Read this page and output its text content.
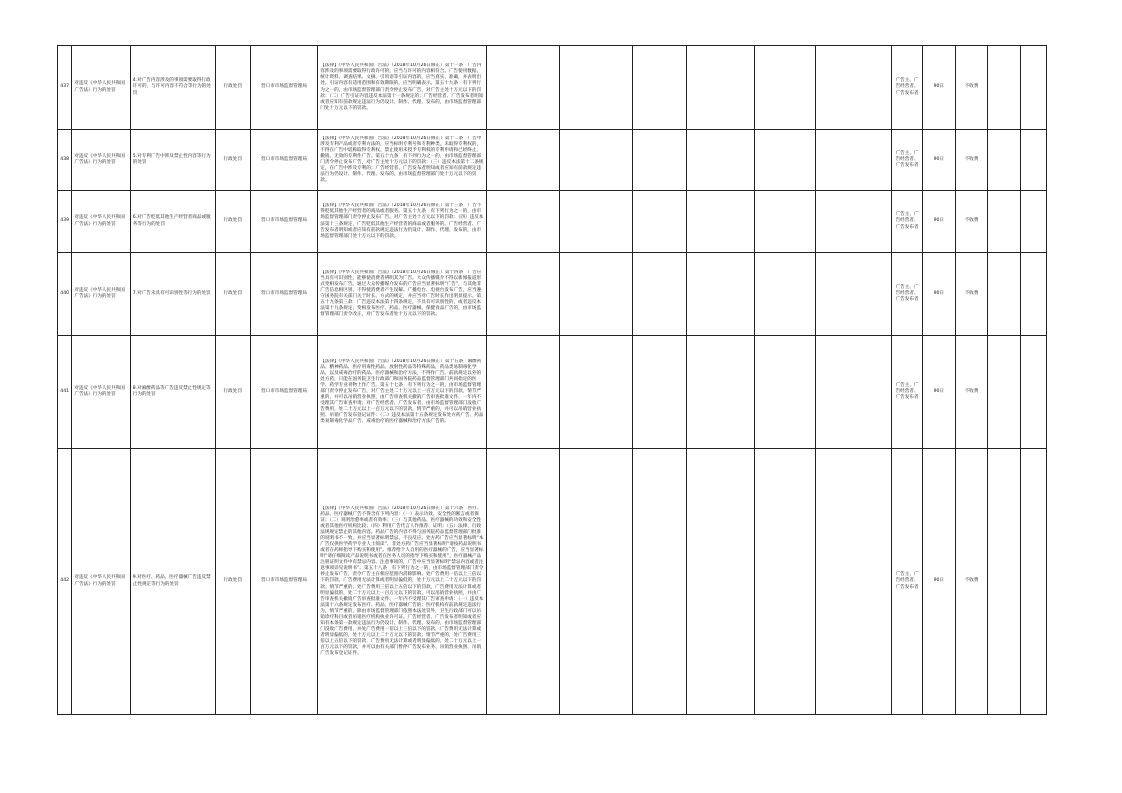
437	对违反《中华人民共和国广告法》行为的处罚	4.对广告内容涉及的事项需要取得行政许可的，与许可内容不符合等行为的处罚	行政处罚	营口市市场监督管理局	【法律】《中华人民共和国广告法》（2018年10月26日修正）第十一条　广告内容涉及的事项需要取得行政许可的，应当与许可的内容相符合。广告使用数据、统计资料、调查结果、文摘、引用语等引证内容的，应当真实、准确，并表明出处。引证内容有适用范围和有效期限的，应当明确表示。第五十九条　有下列行为之一的，由市场监督管理部门责令停止发布广告，对广告主处十万元以下的罚款：（二）广告引证内容违反本法第十一条规定的；广告经营者、广告发布者明知或者应知有前款规定违法行为仍设计、制作、代理、发布的，由市场监督管理部门处十万元以下的罚款。							广告主、广告经营者、广告发布者	90日	不收费		
438	对违反《中华人民共和国广告法》行为的处罚	5.对专利广告中涉及禁止性内容等行为的处罚	行政处罚	营口市市场监督管理局	【法律】《中华人民共和国广告法》（2018年10月26日修正）第十二条　广告中涉及专利产品或者专利方法的，应当标明专利号和专利种类。未取得专利权的，不得在广告中谎称取得专利权。禁止使用未授予专利权的专利申请和已经终止、撤销、无效的专利作广告。第五十九条　有下列行为之一的，由市场监督管理部门责令停止发布广告，对广告主处十万元以下的罚款：（三）违反本法第十二条规定，在广告中涉及专利的；广告经营者、广告发布者明知或者应知有前款规定违法行为仍设计、制作、代理、发布的，由市场监督管理部门处十万元以下的罚款。							广告主、广告经营者、广告发布者	90日	不收费		
439	对违反《中华人民共和国广告法》行为的处罚	6.对广告贬低其他生产经营者商品或服务等行为的处罚	行政处罚	营口市市场监督管理局	【法律】《中华人民共和国广告法》（2018年10月26日修正）第十三条　广告不得贬低其他生产经营者的商品或者服务。第五十九条　有下列行为之一的，由市场监督管理部门责令停止发布广告，对广告主处十万元以下的罚款：（四）违反本法第十三条规定，广告贬低其他生产经营者的商品或者服务的。广告经营者、广告发布者明知或者应知有前款规定违法行为仍设计、制作、代理、发布的，由市场监督管理部门处十万元以下的罚款。							广告主、广告经营者、广告发布者	90日	不收费		
440	对违反《中华人民共和国广告法》行为的处罚	7.对广告未具有可识别性等行为的处罚	行政处罚	营口市市场监督管理局	【法律】《中华人民共和国广告法》（2018年10月26日修正）第十四条　广告应当具有可识别性，能够使消费者辨明其为广告。大众传播媒介不得以新闻报道形式变相发布广告。通过大众传播媒介发布的广告应当显著标明“广告”，与其他非广告信息相区别，不得使消费者产生误解。广播电台、电视台发布广告，应当遵守国务院有关部门关于时长、方式的规定，并应当对广告时长作出明显提示。第五十九条第三款　广告违反本法第十四条规定，不具有可识别性的，或者违反本法第十九条规定，变相发布医疗、药品、医疗器械、保健食品广告的，由市场监督管理部门责令改正，对广告发布者处十万元以下的罚款。							广告主、广告经营者、广告发布者	90日	不收费		
441	对违反《中华人民共和国广告法》行为的处罚	8.对麻醉药品等广告违反禁止性规定等行为的处罚	行政处罚	营口市市场监督管理局	【法律】《中华人民共和国广告法》（2018年10月26日修正）第十五条　麻醉药品、精神药品、医疗用毒性药品、放射性药品等特殊药品，药品类易制毒化学品，以及戒毒治疗的药品、医疗器械和治疗方法，不得作广告。前款规定以外的处方药，只能在国务院卫生行政部门和国务院药品监督管理部门共同指定的医学、药学专业刊物上作广告。第五十七条　有下列行为之一的，由市场监督管理部门责令停止发布广告，对广告主处二十万元以上一百万元以下的罚款，情节严重的，并可以吊销营业执照，由广告审查机关撤销广告审查批准文件、一年内不受理其广告审查申请；对广告经营者、广告发布者，由市场监督管理部门没收广告费用，处二十万元以上一百万元以下的罚款，情节严重的，并可以吊销营业执照、吊销广告发布登记证件：（二）违反本法第十五条规定发布处方药广告、药品类易制毒化学品广告、戒毒治疗的医疗器械和治疗方法广告的。							广告主、广告经营者、广告发布者	90日	不收费		
442	对违反《中华人民共和国广告法》行为的处罚	9.对医疗、药品、医疗器械广告违反禁止性规定等行为的处罚	行政处罚	营口市市场监督管理局	【法律】《中华人民共和国广告法》（2018年10月26日修正）第十六条　医疗、药品、医疗器械广告不得含有下列内容：（一）表示功效、安全性的断言或者保证；（二）说明治愈率或者有效率；（三）与其他药品、医疗器械的功效和安全性或者其他医疗机构比较；（四）利用广告代言人作推荐、证明；（五）法律、行政法规规定禁止的其他内容。药品广告的内容不得与国务院药品监督管理部门批准的说明书不一致，并应当显著标明禁忌、不良反应。处方药广告应当显著标明“本广告仅供医学药学专业人士阅读”，非处方药广告应当显著标明“请按药品说明书或者在药师指导下购买和使用”。推荐给个人自用的医疗器械的广告，应当显著标明“请仔细阅读产品说明书或者在医务人员的指导下购买和使用”。医疗器械产品注册证明文件中有禁忌内容、注意事项的，广告中应当显著标明“禁忌内容或者注意事项详见说明书”。第五十八条　有下列行为之一的，由市场监督管理部门责令停止发布广告，责令广告主在相应范围内消除影响，处广告费用一倍以上三倍以下的罚款，广告费用无法计算或者明显偏低的，处十万元以上二十万元以下的罚款；情节严重的，处广告费用三倍以上五倍以下的罚款，广告费用无法计算或者明显偏低的，处二十万元以上一百万元以下的罚款，可以吊销营业执照，并由广告审查机关撤销广告审查批准文件、一年内不受理其广告审查申请：（一）违反本法第十六条规定发布医疗、药品、医疗器械广告的；医疗机构有前款规定违法行为，情节严重的，除由市场监督管理部门依照本法处罚外，卫生行政部门可以吊销诊疗科目或者吊销医疗机构执业许可证。广告经营者、广告发布者明知或者应知有本条第一款规定违法行为仍设计、制作、代理、发布的，由市场监督管理部门没收广告费用，并处广告费用一倍以上三倍以下的罚款，广告费用无法计算或者明显偏低的，处十万元以上二十万元以下的罚款；情节严重的，处广告费用三倍以上五倍以下的罚款，广告费用无法计算或者明显偏低的，处二十万元以上一百万元以下的罚款，并可以由有关部门暂停广告发布业务、吊销营业执照、吊销广告发布登记证件。							广告主、广告经营者、广告发布者	90日	不收费		
